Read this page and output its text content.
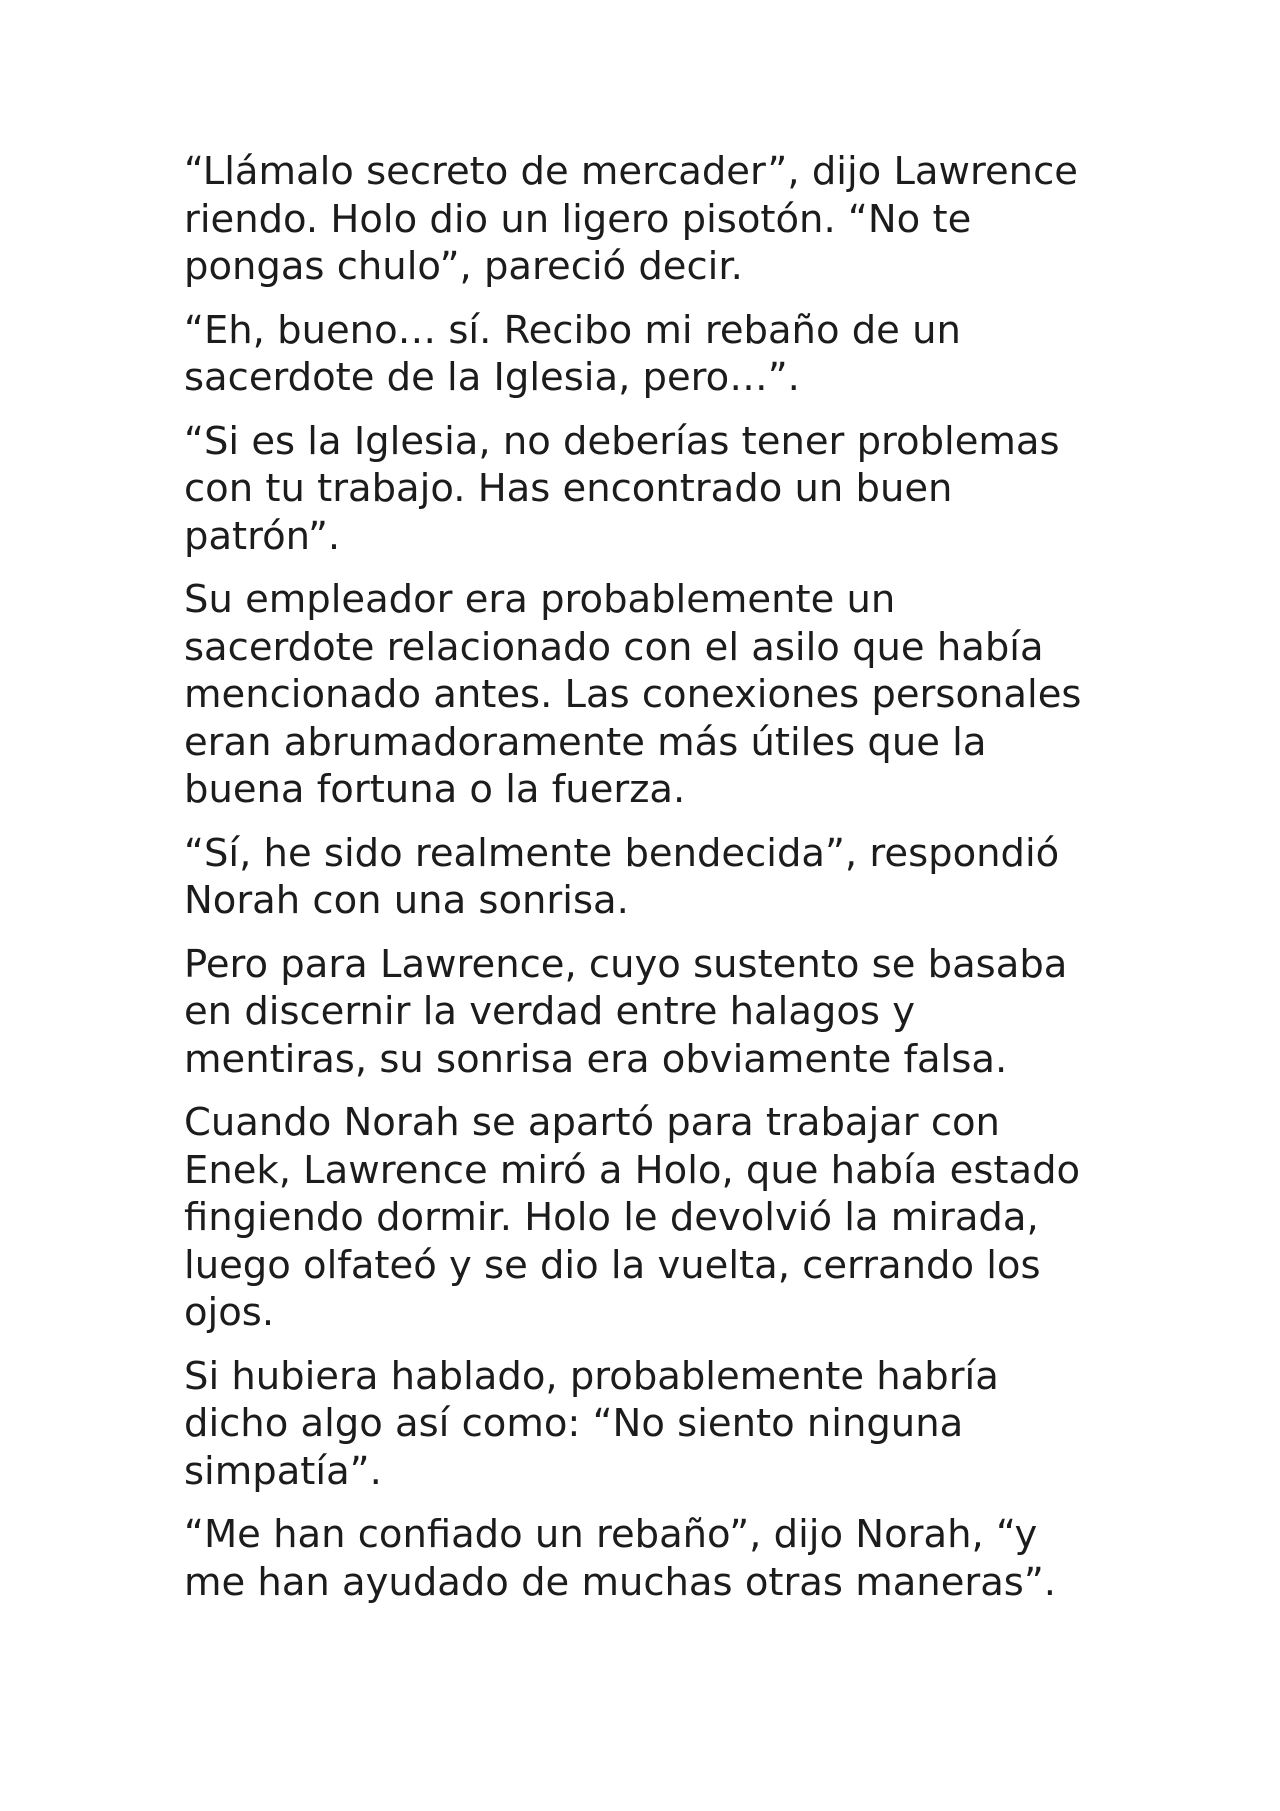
“Llámalo secreto de mercader”, dijo Lawrence
riendo. Holo dio un ligero pisotón. “No te
pongas chulo”, pareció decir.

“Eh, bueno… sí. Recibo mi rebaño de un
sacerdote de la Iglesia, pero…”.

“Si es la Iglesia, no deberías tener problemas
con tu trabajo. Has encontrado un buen
patrón”.

Su empleador era probablemente un
sacerdote relacionado con el asilo que había
mencionado antes. Las conexiones personales
eran abrumadoramente más útiles que la
buena fortuna o la fuerza.

“Sí, he sido realmente bendecida”, respondió
Norah con una sonrisa.

Pero para Lawrence, cuyo sustento se basaba
en discernir la verdad entre halagos y
mentiras, su sonrisa era obviamente falsa.

Cuando Norah se apartó para trabajar con
Enek, Lawrence miró a Holo, que había estado
fingiendo dormir. Holo le devolvió la mirada,
luego olfateó y se dio la vuelta, cerrando los
ojos.

Si hubiera hablado, probablemente habría
dicho algo así como: “No siento ninguna
simpatía”.

“Me han confiado un rebaño”, dijo Norah, “y
me han ayudado de muchas otras maneras”.
